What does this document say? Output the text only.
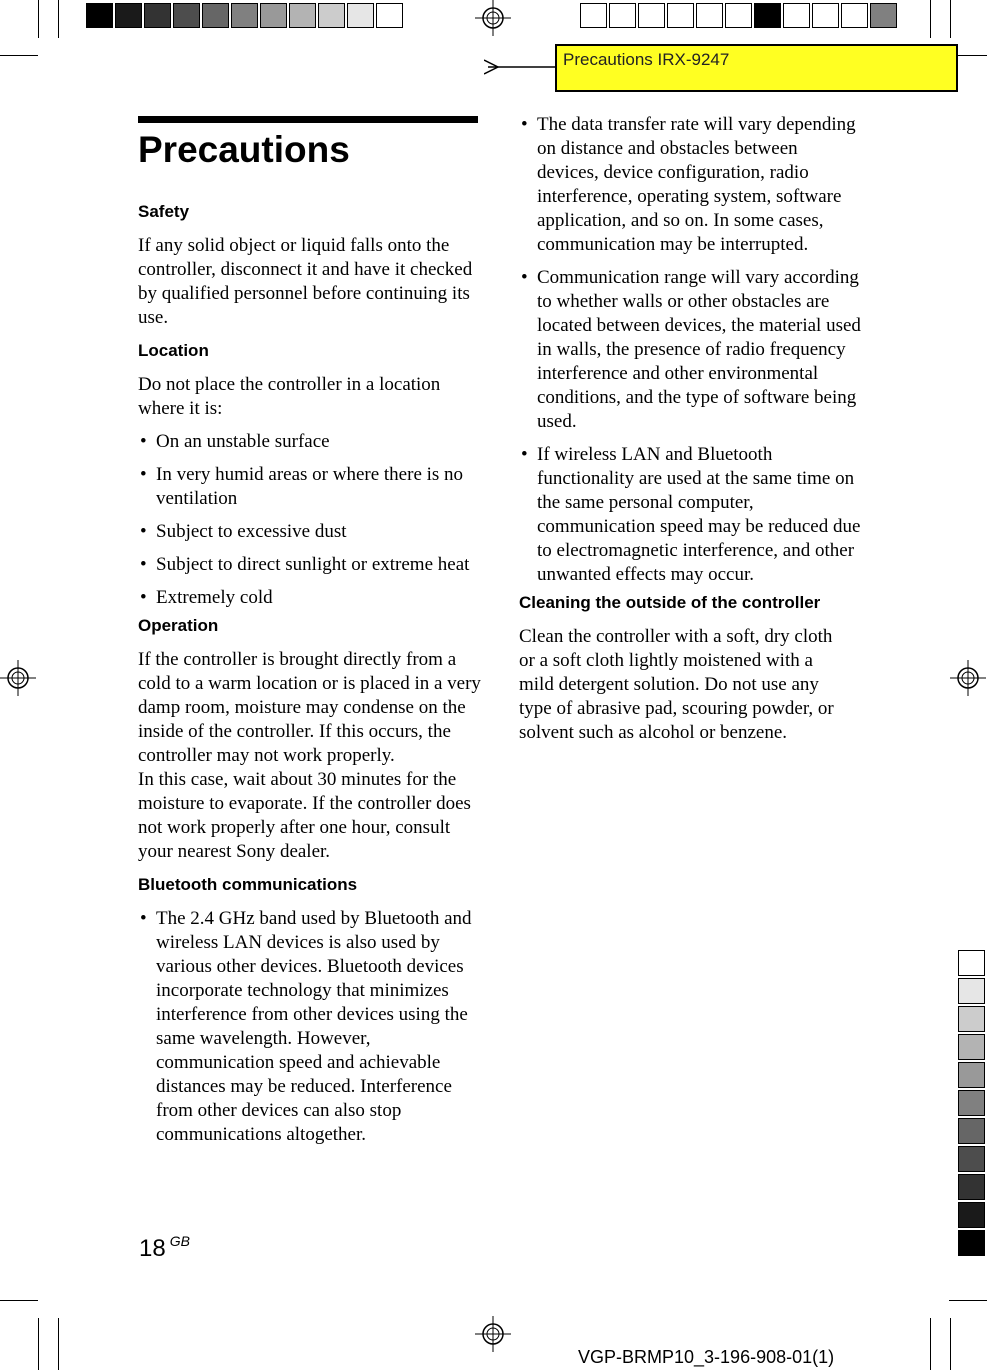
Precautions IRX-9247
Precautions
Safety

If any solid object or liquid falls onto the controller, disconnect it and have it checked by qualified personnel before continuing its use.

Location

Do not place the controller in a location where it is:

• On an unstable surface
• In very humid areas or where there is no ventilation
• Subject to excessive dust
• Subject to direct sunlight or extreme heat
• Extremely cold
Operation

If the controller is brought directly from a cold to a warm location or is placed in a very damp room, moisture may condense on the inside of the controller. If this occurs, the controller may not work properly.

In this case, wait about 30 minutes for the moisture to evaporate. If the controller does not work properly after one hour, consult your nearest Sony dealer.

Bluetooth communications
• The 2.4 GHz band used by Bluetooth and wireless LAN devices is also used by various other devices. Bluetooth devices incorporate technology that minimizes interference from other devices using the same wavelength. However, communication speed and achievable distances may be reduced. Interference from other devices can also stop communications altogether.
• The data transfer rate will vary depending on distance and obstacles between devices, device configuration, radio interference, operating system, software application, and so on. In some cases, communication may be interrupted.
• Communication range will vary according to whether walls or other obstacles are located between devices, the material used in walls, the presence of radio frequency interference and other environmental conditions, and the type of software being used.
• If wireless LAN and Bluetooth functionality are used at the same time on the same personal computer, communication speed may be reduced due to electromagnetic interference, and other unwanted effects may occur.
Cleaning the outside of the controller

Clean the controller with a soft, dry cloth or a soft cloth lightly moistened with a mild detergent solution. Do not use any type of abrasive pad, scouring powder, or solvent such as alcohol or benzene.

18 $^{GB}$
VGP-BRMP10_3-196-908-01(1)
